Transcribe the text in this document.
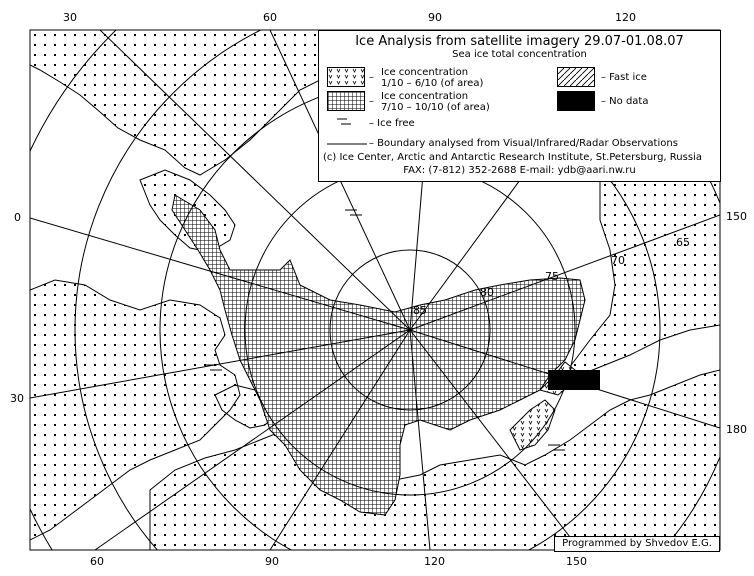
30	60	90	120
60	90	120	150
0
30
150
180
85
80
75
70
65
Ice Analysis from satellite imagery 29.07-01.08.07
Sea ice total concentration
– Ice concentration
1/10 – 6/10 (of area)
– Ice concentration
7/10 – 10/10 (of area)
– Ice free
– Fast ice
– No data
– Boundary analysed from Visual/Infrared/Radar Observations
(c) Ice Center, Arctic and Antarctic Research Institute, St.Petersburg, Russia
FAX: (7-812) 352-2688 E-mail: ydb@aari.nw.ru
Programmed by Shvedov E.G.
